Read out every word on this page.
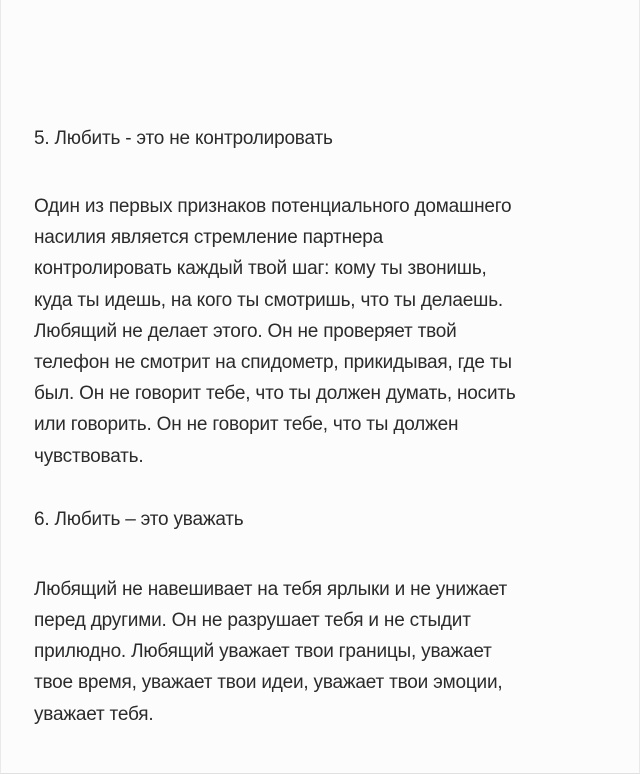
5. Любить - это не контролировать

Один из первых признаков потенциального домашнего
насилия является стремление партнера
контролировать каждый твой шаг: кому ты звонишь,
куда ты идешь, на кого ты смотришь, что ты делаешь.
Любящий не делает этого. Он не проверяет твой
телефон не смотрит на спидометр, прикидывая, где ты
был. Он не говорит тебе, что ты должен думать, носить
или говорить. Он не говорит тебе, что ты должен
чувствовать.

6. Любить – это уважать

Любящий не навешивает на тебя ярлыки и не унижает
перед другими. Он не разрушает тебя и не стыдит
прилюдно. Любящий уважает твои границы, уважает
твое время, уважает твои идеи, уважает твои эмоции,
уважает тебя.
